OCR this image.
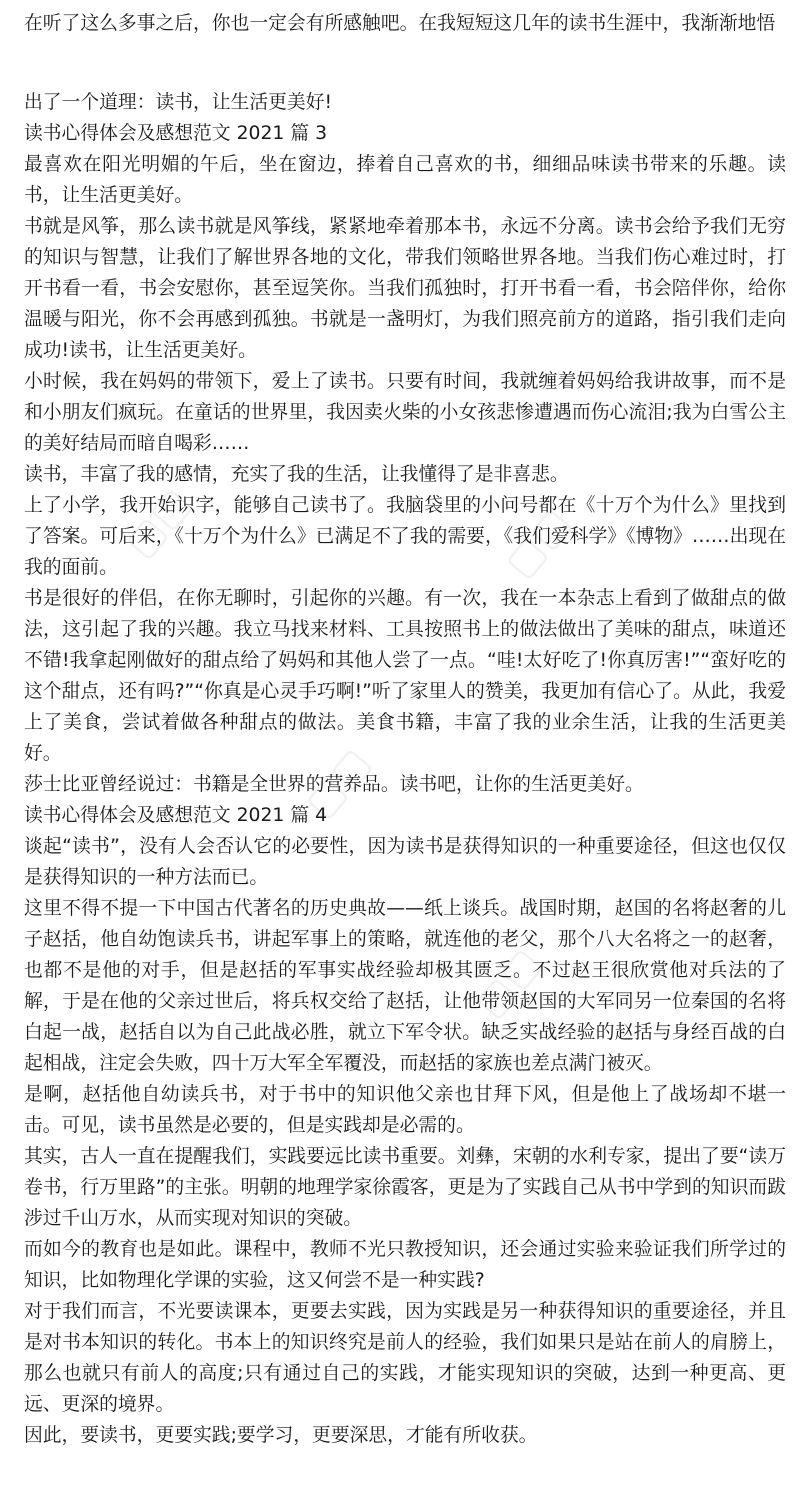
▢▢	▢▢
▢▢
▢▢

在听了这么多事之后，你也一定会有所感触吧。在我短短这几年的读书生涯中，我渐渐地悟

出了一个道理：读书，让生活更美好!

读书心得体会及感想范文 2021 篇 3

最喜欢在阳光明媚的午后，坐在窗边，捧着自己喜欢的书，细细品味读书带来的乐趣。读书，让生活更美好。

书就是风筝，那么读书就是风筝线，紧紧地牵着那本书，永远不分离。读书会给予我们无穷的知识与智慧，让我们了解世界各地的文化，带我们领略世界各地。当我们伤心难过时，打开书看一看，书会安慰你，甚至逗笑你。当我们孤独时，打开书看一看，书会陪伴你，给你温暖与阳光，你不会再感到孤独。书就是一盏明灯，为我们照亮前方的道路，指引我们走向成功!读书，让生活更美好。

小时候，我在妈妈的带领下，爱上了读书。只要有时间，我就缠着妈妈给我讲故事，而不是和小朋友们疯玩。在童话的世界里，我因卖火柴的小女孩悲惨遭遇而伤心流泪;我为白雪公主的美好结局而暗自喝彩……

读书，丰富了我的感情，充实了我的生活，让我懂得了是非喜悲。

上了小学，我开始识字，能够自己读书了。我脑袋里的小问号都在《十万个为什么》里找到了答案。可后来，《十万个为什么》已满足不了我的需要，《我们爱科学》《博物》……出现在我的面前。

书是很好的伴侣，在你无聊时，引起你的兴趣。有一次，我在一本杂志上看到了做甜点的做法，这引起了我的兴趣。我立马找来材料、工具按照书上的做法做出了美味的甜点，味道还不错!我拿起刚做好的甜点给了妈妈和其他人尝了一点。“哇!太好吃了!你真厉害!”“蛮好吃的这个甜点，还有吗?”“你真是心灵手巧啊!”听了家里人的赞美，我更加有信心了。从此，我爱上了美食，尝试着做各种甜点的做法。美食书籍，丰富了我的业余生活，让我的生活更美好。

莎士比亚曾经说过：书籍是全世界的营养品。读书吧，让你的生活更美好。

读书心得体会及感想范文 2021 篇 4

谈起“读书”，没有人会否认它的必要性，因为读书是获得知识的一种重要途径，但这也仅仅是获得知识的一种方法而已。

这里不得不提一下中国古代著名的历史典故——纸上谈兵。战国时期，赵国的名将赵奢的儿子赵括，他自幼饱读兵书，讲起军事上的策略，就连他的老父，那个八大名将之一的赵奢，也都不是他的对手，但是赵括的军事实战经验却极其匮乏。不过赵王很欣赏他对兵法的了解，于是在他的父亲过世后，将兵权交给了赵括，让他带领赵国的大军同另一位秦国的名将白起一战，赵括自以为自己此战必胜，就立下军令状。缺乏实战经验的赵括与身经百战的白起相战，注定会失败，四十万大军全军覆没，而赵括的家族也差点满门被灭。

是啊，赵括他自幼读兵书，对于书中的知识他父亲也甘拜下风，但是他上了战场却不堪一击。可见，读书虽然是必要的，但是实践却是必需的。

其实，古人一直在提醒我们，实践要远比读书重要。刘彝，宋朝的水利专家，提出了要“读万卷书，行万里路”的主张。明朝的地理学家徐霞客，更是为了实践自己从书中学到的知识而跋涉过千山万水，从而实现对知识的突破。

而如今的教育也是如此。课程中，教师不光只教授知识，还会通过实验来验证我们所学过的知识，比如物理化学课的实验，这又何尝不是一种实践?

对于我们而言，不光要读课本，更要去实践，因为实践是另一种获得知识的重要途径，并且是对书本知识的转化。书本上的知识终究是前人的经验，我们如果只是站在前人的肩膀上，那么也就只有前人的高度;只有通过自己的实践，才能实现知识的突破，达到一种更高、更远、更深的境界。

因此，要读书，更要实践;要学习，更要深思，才能有所收获。
